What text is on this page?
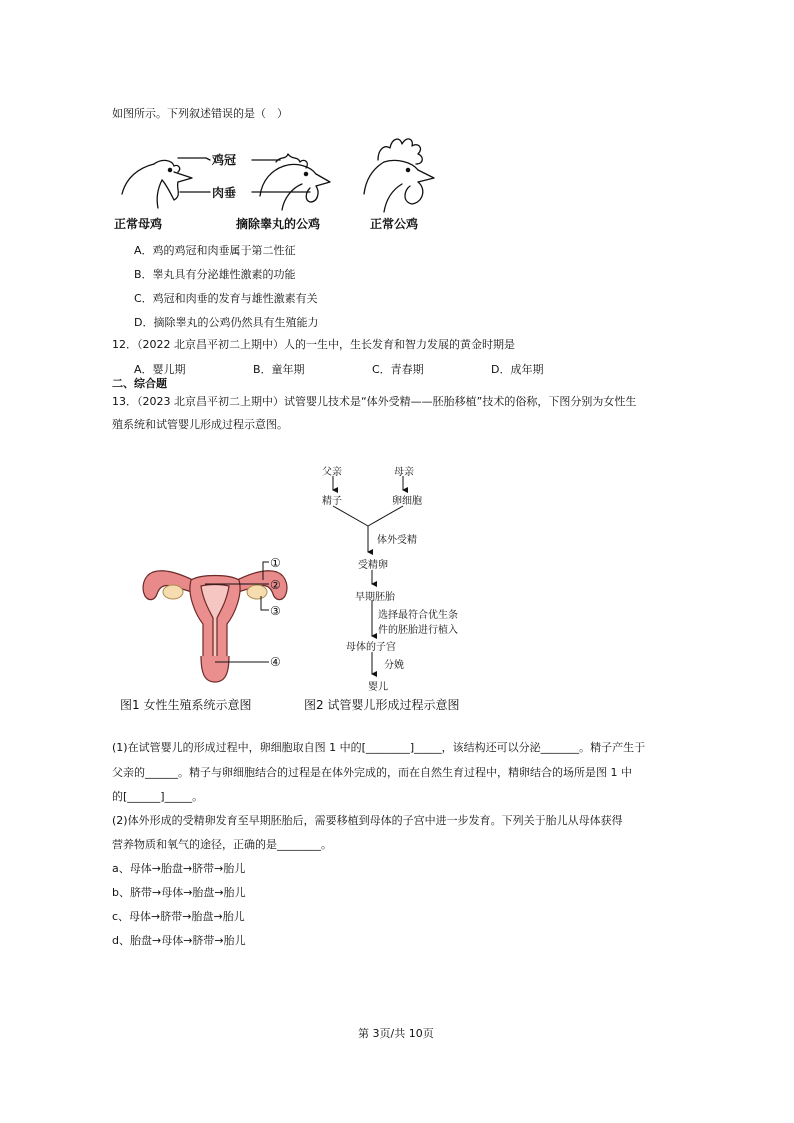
如图所示。下列叙述错误的是（　）
鸡冠
肉垂
正常母鸡	摘除睾丸的公鸡	正常公鸡
A．鸡的鸡冠和肉垂属于第二性征
B．睾丸具有分泌雄性激素的功能
C．鸡冠和肉垂的发育与雄性激素有关
D．摘除睾丸的公鸡仍然具有生殖能力
12．（2022 北京昌平初二上期中）人的一生中，生长发育和智力发展的黄金时期是
A．婴儿期	B．童年期	C．青春期	D．成年期
二、综合题
13．（2023 北京昌平初二上期中）试管婴儿技术是“体外受精——胚胎移植”技术的俗称，下图分别为女性生
殖系统和试管婴儿形成过程示意图。
①
②
③
④
图1 女性生殖系统示意图
父亲	母亲
精子	卵细胞
体外受精
受精卵
早期胚胎
选择最符合优生条
件的胚胎进行植入
母体的子宫
分娩
婴儿
图2 试管婴儿形成过程示意图
(1)在试管婴儿的形成过程中，卵细胞取自图 1 中的[________]_____，该结构还可以分泌_______。精子产生于
父亲的______。精子与卵细胞结合的过程是在体外完成的，而在自然生育过程中，精卵结合的场所是图 1 中
的[______]_____。
(2)体外形成的受精卵发育至早期胚胎后，需要移植到母体的子宫中进一步发育。下列关于胎儿从母体获得
营养物质和氧气的途径，正确的是________。
a、母体→胎盘→脐带→胎儿
b、脐带→母体→胎盘→胎儿
c、母体→脐带→胎盘→胎儿
d、胎盘→母体→脐带→胎儿
第 3页/共 10页
